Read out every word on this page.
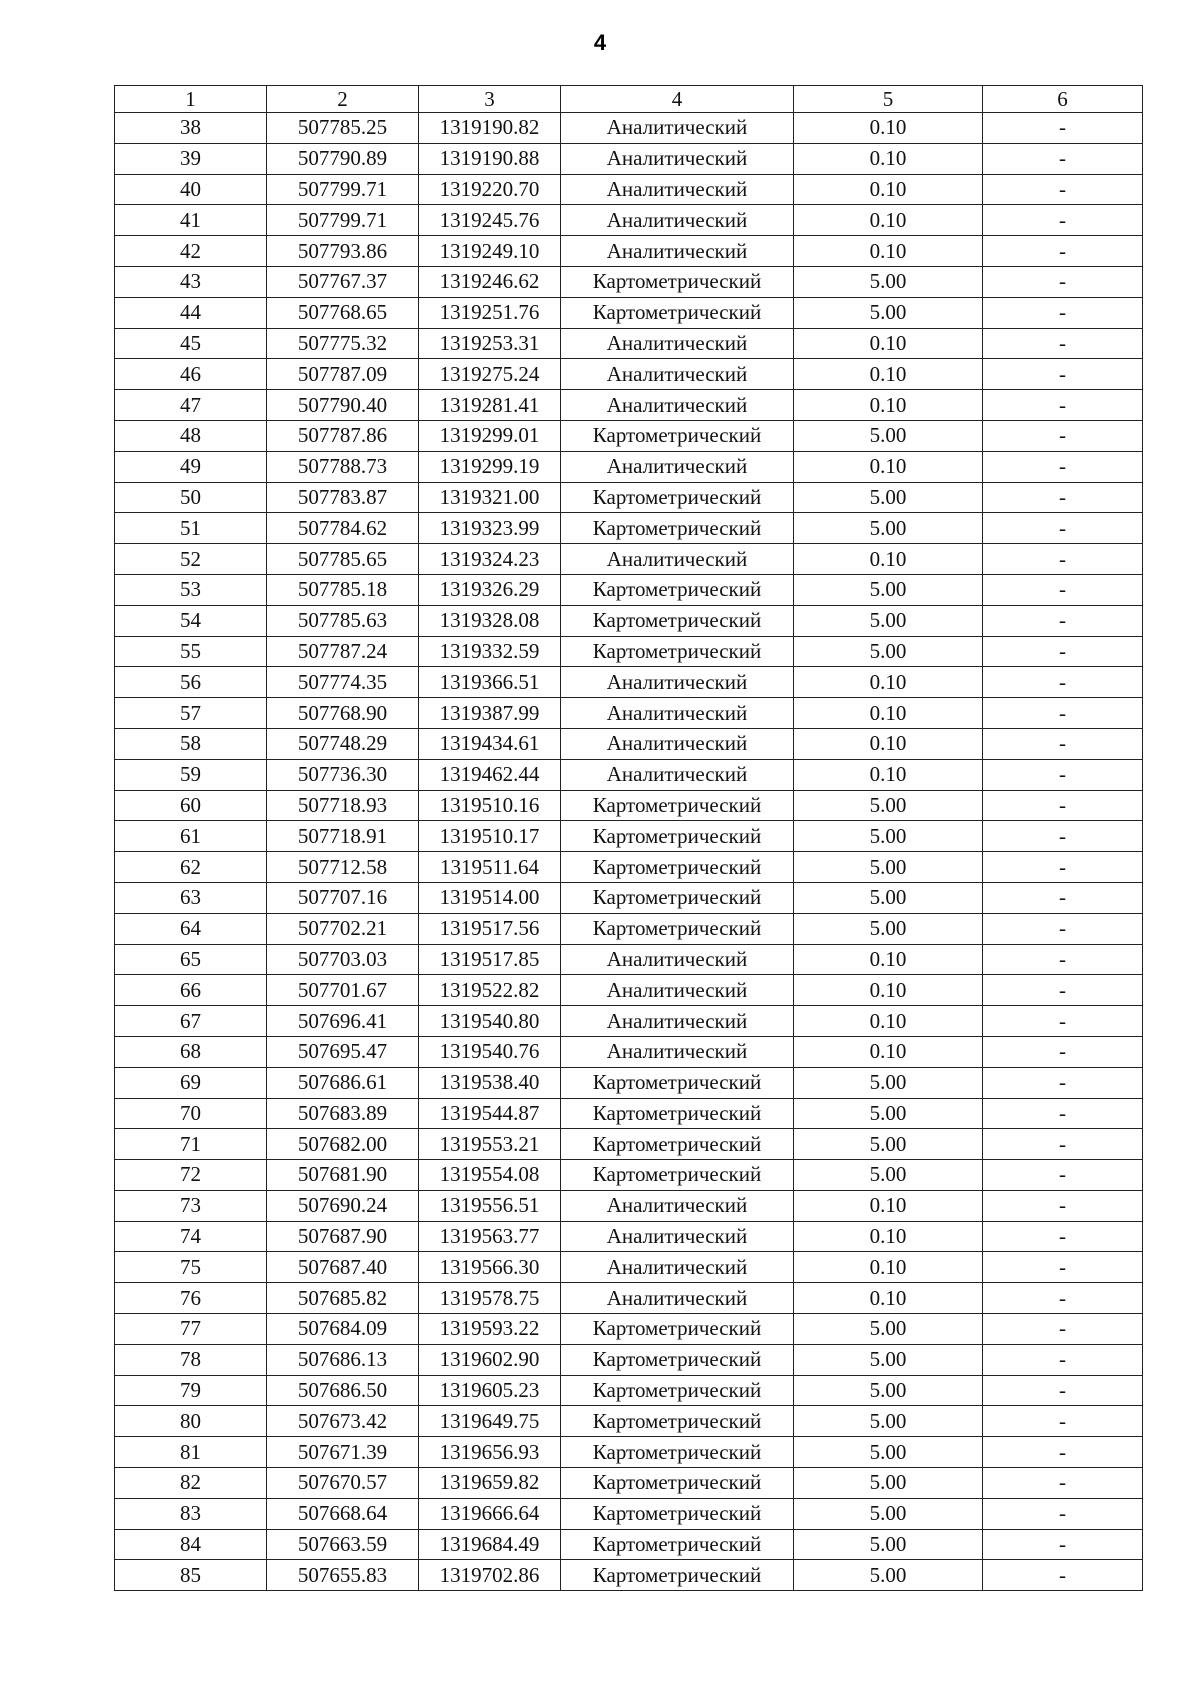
4
1	2	3	4	5	6
38	507785.25	1319190.82	Аналитический	0.10	-
39	507790.89	1319190.88	Аналитический	0.10	-
40	507799.71	1319220.70	Аналитический	0.10	-
41	507799.71	1319245.76	Аналитический	0.10	-
42	507793.86	1319249.10	Аналитический	0.10	-
43	507767.37	1319246.62	Картометрический	5.00	-
44	507768.65	1319251.76	Картометрический	5.00	-
45	507775.32	1319253.31	Аналитический	0.10	-
46	507787.09	1319275.24	Аналитический	0.10	-
47	507790.40	1319281.41	Аналитический	0.10	-
48	507787.86	1319299.01	Картометрический	5.00	-
49	507788.73	1319299.19	Аналитический	0.10	-
50	507783.87	1319321.00	Картометрический	5.00	-
51	507784.62	1319323.99	Картометрический	5.00	-
52	507785.65	1319324.23	Аналитический	0.10	-
53	507785.18	1319326.29	Картометрический	5.00	-
54	507785.63	1319328.08	Картометрический	5.00	-
55	507787.24	1319332.59	Картометрический	5.00	-
56	507774.35	1319366.51	Аналитический	0.10	-
57	507768.90	1319387.99	Аналитический	0.10	-
58	507748.29	1319434.61	Аналитический	0.10	-
59	507736.30	1319462.44	Аналитический	0.10	-
60	507718.93	1319510.16	Картометрический	5.00	-
61	507718.91	1319510.17	Картометрический	5.00	-
62	507712.58	1319511.64	Картометрический	5.00	-
63	507707.16	1319514.00	Картометрический	5.00	-
64	507702.21	1319517.56	Картометрический	5.00	-
65	507703.03	1319517.85	Аналитический	0.10	-
66	507701.67	1319522.82	Аналитический	0.10	-
67	507696.41	1319540.80	Аналитический	0.10	-
68	507695.47	1319540.76	Аналитический	0.10	-
69	507686.61	1319538.40	Картометрический	5.00	-
70	507683.89	1319544.87	Картометрический	5.00	-
71	507682.00	1319553.21	Картометрический	5.00	-
72	507681.90	1319554.08	Картометрический	5.00	-
73	507690.24	1319556.51	Аналитический	0.10	-
74	507687.90	1319563.77	Аналитический	0.10	-
75	507687.40	1319566.30	Аналитический	0.10	-
76	507685.82	1319578.75	Аналитический	0.10	-
77	507684.09	1319593.22	Картометрический	5.00	-
78	507686.13	1319602.90	Картометрический	5.00	-
79	507686.50	1319605.23	Картометрический	5.00	-
80	507673.42	1319649.75	Картометрический	5.00	-
81	507671.39	1319656.93	Картометрический	5.00	-
82	507670.57	1319659.82	Картометрический	5.00	-
83	507668.64	1319666.64	Картометрический	5.00	-
84	507663.59	1319684.49	Картометрический	5.00	-
85	507655.83	1319702.86	Картометрический	5.00	-
